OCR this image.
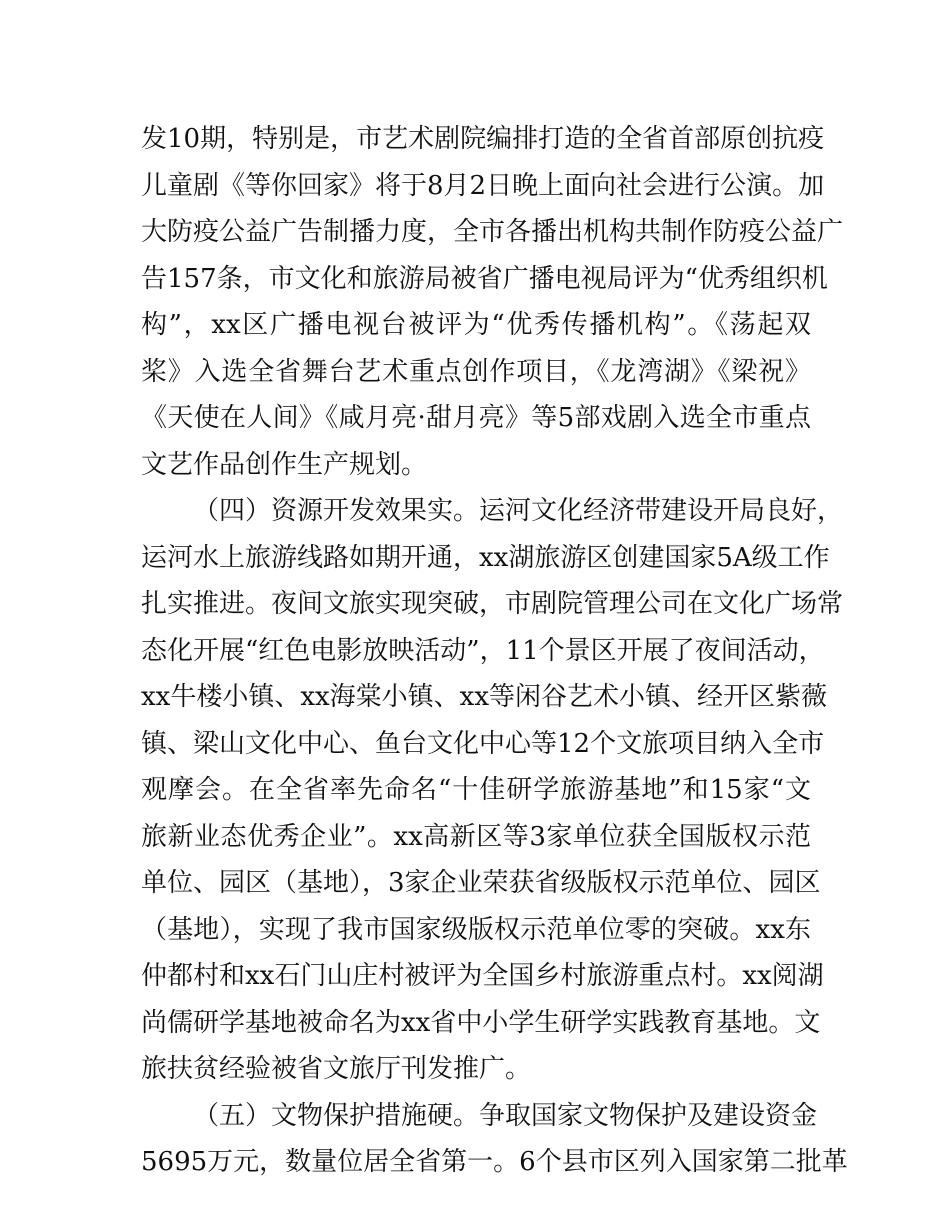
发10期，特别是，市艺术剧院编排打造的全省首部原创抗疫
儿童剧《等你回家》将于8月2日晚上面向社会进行公演。加
大防疫公益广告制播力度，全市各播出机构共制作防疫公益广
告157条，市文化和旅游局被省广播电视局评为“优秀组织机
构”，xx区广播电视台被评为“优秀传播机构”。《荡起双
桨》入选全省舞台艺术重点创作项目，《龙湾湖》《梁祝》
《天使在人间》《咸月亮·甜月亮》等5部戏剧入选全市重点
文艺作品创作生产规划。
（四）资源开发效果实。运河文化经济带建设开局良好，
运河水上旅游线路如期开通，xx湖旅游区创建国家5A级工作
扎实推进。夜间文旅实现突破，市剧院管理公司在文化广场常
态化开展“红色电影放映活动”，11个景区开展了夜间活动，
xx牛楼小镇、xx海棠小镇、xx等闲谷艺术小镇、经开区紫薇
镇、梁山文化中心、鱼台文化中心等12个文旅项目纳入全市
观摩会。在全省率先命名“十佳研学旅游基地”和15家“文
旅新业态优秀企业”。xx高新区等3家单位获全国版权示范
单位、园区（基地），3家企业荣获省级版权示范单位、园区
（基地），实现了我市国家级版权示范单位零的突破。xx东
仲都村和xx石门山庄村被评为全国乡村旅游重点村。xx阅湖
尚儒研学基地被命名为xx省中小学生研学实践教育基地。文
旅扶贫经验被省文旅厅刊发推广。
（五）文物保护措施硬。争取国家文物保护及建设资金
5695万元，数量位居全省第一。6个县市区列入国家第二批革
